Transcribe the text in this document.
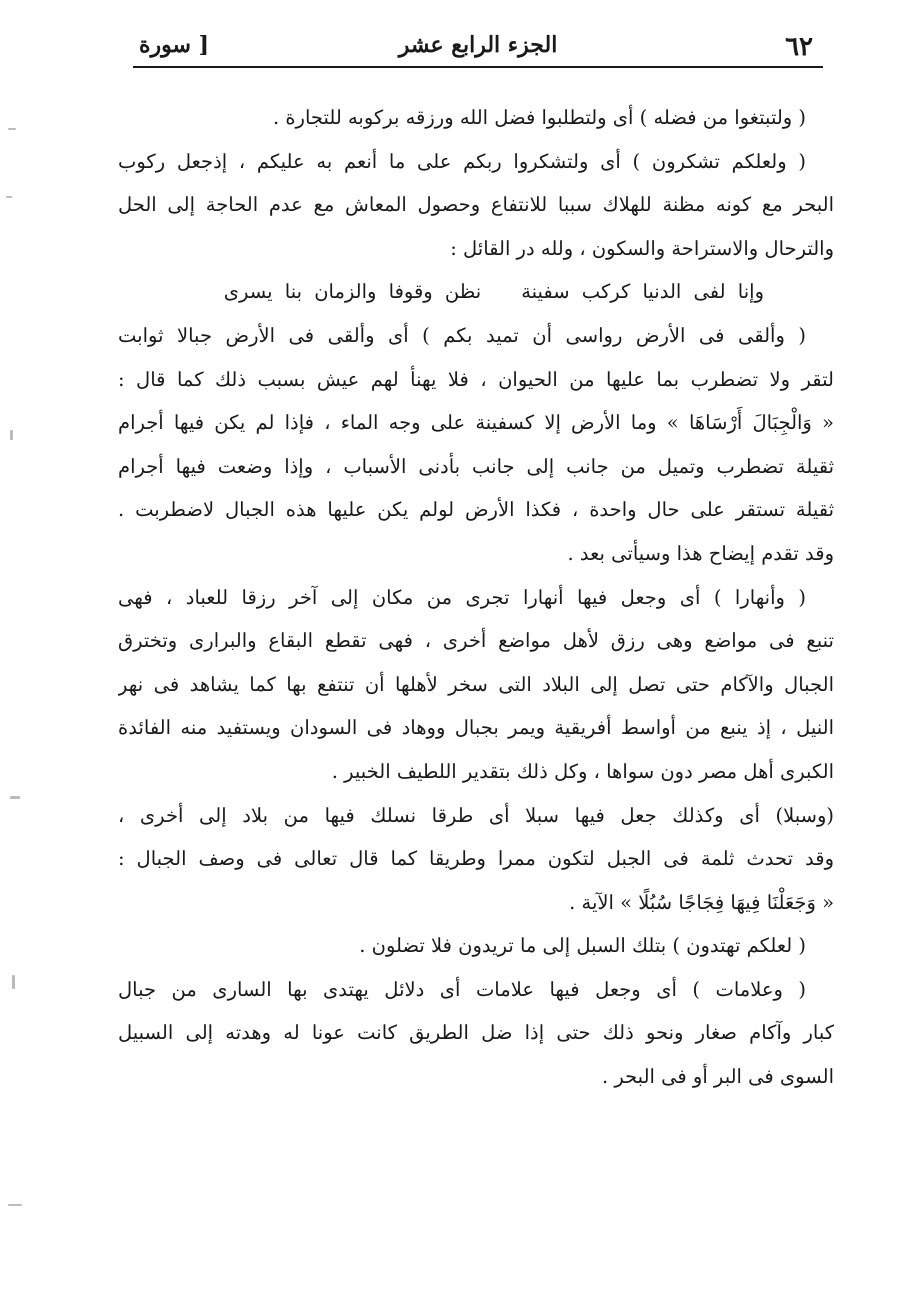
٦٢
الجزء الرابع عشر
[ سورة
( ولتبتغوا من فضله ) أى ولتطلبوا فضل الله ورزقه بركوبه للتجارة .
( ولعلكم تشكرون ) أى ولتشكروا ربكم على ما أنعم به عليكم ، إذجعل ركوب
البحر مع كونه مظنة للهلاك سببا للانتفاع وحصول المعاش مع عدم الحاجة إلى الحل
والترحال والاستراحة والسكون ، ولله در القائل :
وإنا لفى الدنيا كركب سفينةنظن وقوفا والزمان بنا يسرى
( وألقى فى الأرض رواسى أن تميد بكم ) أى وألقى فى الأرض جبالا ثوابت
لتقر ولا تضطرب بما عليها من الحيوان ، فلا يهنأ لهم عيش بسبب ذلك كما قال :
« وَالْجِبَالَ أَرْسَاهَا » وما الأرض إلا كسفينة على وجه الماء ، فإذا لم يكن فيها أجرام
ثقيلة تضطرب وتميل من جانب إلى جانب بأدنى الأسباب ، وإذا وضعت فيها أجرام
ثقيلة تستقر على حال واحدة ، فكذا الأرض لولم يكن عليها هذه الجبال لاضطربت .
وقد تقدم إيضاح هذا وسيأتى بعد .
( وأنهارا ) أى وجعل فيها أنهارا تجرى من مكان إلى آخر رزقا للعباد ، فهى
تنبع فى مواضع وهى رزق لأهل مواضع أخرى ، فهى تقطع البقاع والبرارى وتخترق
الجبال والآكام حتى تصل إلى البلاد التى سخر لأهلها أن تنتفع بها كما يشاهد فى نهر
النيل ، إذ ينبع من أواسط أفريقية ويمر بجبال ووهاد فى السودان ويستفيد منه الفائدة
الكبرى أهل مصر دون سواها ، وكل ذلك بتقدير اللطيف الخبير .
(وسبلا) أى وكذلك جعل فيها سبلا أى طرقا نسلك فيها من بلاد إلى أخرى ،
وقد تحدث ثلمة فى الجبل لتكون ممرا وطريقا كما قال تعالى فى وصف الجبال :
« وَجَعَلْنَا فِيهَا فِجَاجًا سُبُلًا » الآية .
( لعلكم تهتدون ) بتلك السبل إلى ما تريدون فلا تضلون .
( وعلامات ) أى وجعل فيها علامات أى دلائل يهتدى بها السارى من جبال
كبار وآكام صغار ونحو ذلك حتى إذا ضل الطريق كانت عونا له وهدته إلى السبيل
السوى فى البر أو فى البحر .
